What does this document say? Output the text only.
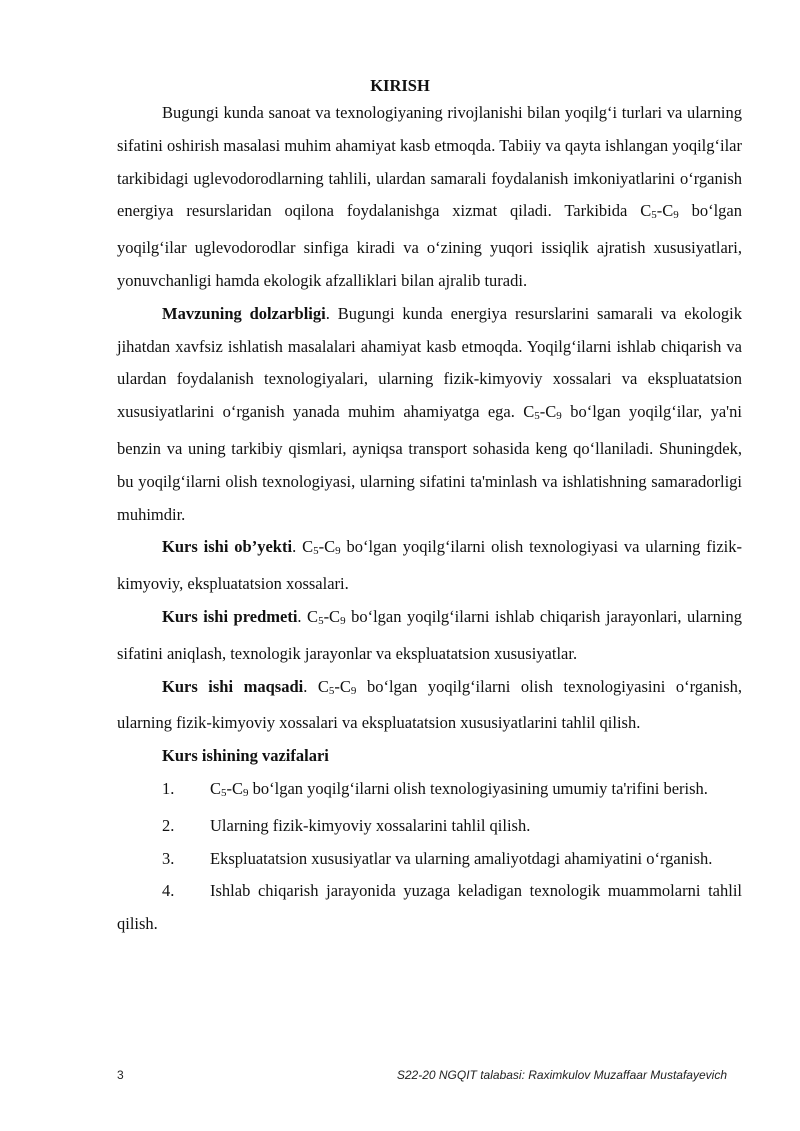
KIRISH

Bugungi kunda sanoat va texnologiyaning rivojlanishi bilan yoqilg‘i turlari va ularning sifatini oshirish masalasi muhim ahamiyat kasb etmoqda. Tabiiy va qayta ishlangan yoqilg‘ilar tarkibidagi uglevodorodlarning tahlili, ulardan samarali foydalanish imkoniyatlarini o‘rganish energiya resurslaridan oqilona foydalanishga xizmat qiladi. Tarkibida C5-C9 bo‘lgan yoqilg‘ilar uglevodorodlar sinfiga kiradi va o‘zining yuqori issiqlik ajratish xususiyatlari, yonuvchanligi hamda ekologik afzalliklari bilan ajralib turadi.

Mavzuning dolzarbligi. Bugungi kunda energiya resurslarini samarali va ekologik jihatdan xavfsiz ishlatish masalalari ahamiyat kasb etmoqda. Yoqilg‘ilarni ishlab chiqarish va ulardan foydalanish texnologiyalari, ularning fizik-kimyoviy xossalari va ekspluatatsion xususiyatlarini o‘rganish yanada muhim ahamiyatga ega. C5-C9 bo‘lgan yoqilg‘ilar, ya'ni benzin va uning tarkibiy qismlari, ayniqsa transport sohasida keng qo‘llaniladi. Shuningdek, bu yoqilg‘ilarni olish texnologiyasi, ularning sifatini ta'minlash va ishlatishning samaradorligi muhimdir.

Kurs ishi ob’yekti. C5-C9 bo‘lgan yoqilg‘ilarni olish texnologiyasi va ularning fizik-kimyoviy, ekspluatatsion xossalari.

Kurs ishi predmeti. C5-C9 bo‘lgan yoqilg‘ilarni ishlab chiqarish jarayonlari, ularning sifatini aniqlash, texnologik jarayonlar va ekspluatatsion xususiyatlar.

Kurs ishi maqsadi. C5-C9 bo‘lgan yoqilg‘ilarni olish texnologiyasini o‘rganish, ularning fizik-kimyoviy xossalari va ekspluatatsion xususiyatlarini tahlil qilish.

Kurs ishining vazifalari

1. C5-C9 bo‘lgan yoqilg‘ilarni olish texnologiyasining umumiy ta'rifini berish.

2. Ularning fizik-kimyoviy xossalarini tahlil qilish.

3. Ekspluatatsion xususiyatlar va ularning amaliyotdagi ahamiyatini o‘rganish.

4. Ishlab chiqarish jarayonida yuzaga keladigan texnologik muammolarni tahlil qilish.

3	S22-20 NGQIT talabasi: Raximkulov Muzaffaar Mustafayevich
